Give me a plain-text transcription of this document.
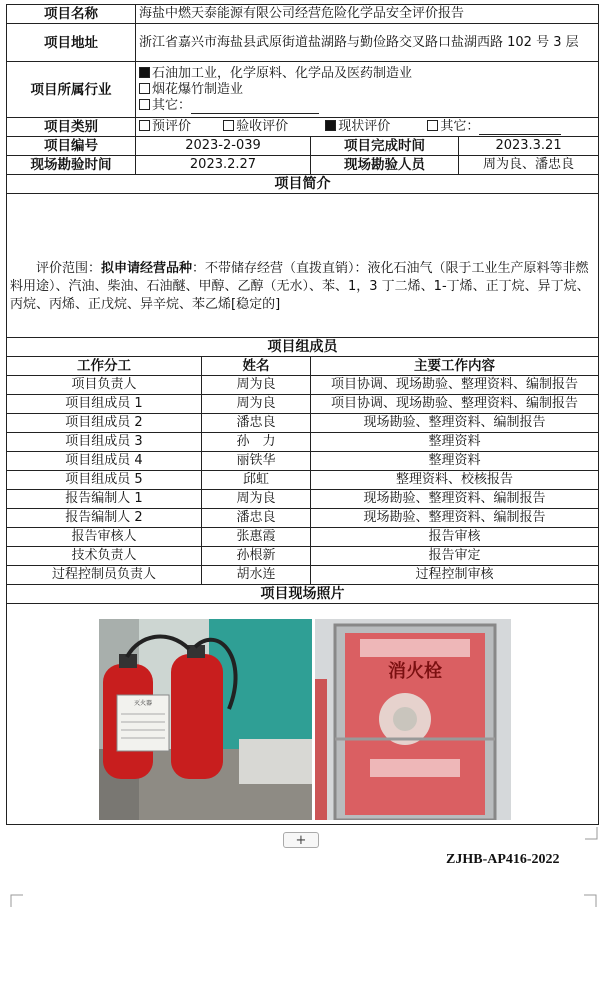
项目名称	海盐中燃天泰能源有限公司经营危险化学品安全评价报告			
项目地址	浙江省嘉兴市海盐县武原街道盐湖路与勤俭路交叉路口盐湖西路 102 号 3 层			
项目所属行业	石油加工业，化学原料、化学品及医药制造业
烟花爆竹制造业
其它：			

项目类别	预评价 验收评价 现状评价 其它：			
项目编号	2023-2-039		项目完成时间	2023.3.21
现场勘验时间	2023.2.27		现场勘验人员	周为良、潘忠良
项目简介				

评价范围：拟申请经营品种：不带储存经营（直拨直销）：液化石油气（限于工业生产原料等非燃料用途）、汽油、柴油、石油醚、甲醇、乙醇（无水）、苯、1，3 丁二烯、1-丁烯、正丁烷、异丁烷、丙烷、丙烯、正戊烷、异辛烷、苯乙烯[稳定的]				

项目组成员				
工作分工		姓名	主要工作内容	
项目负责人		周为良	项目协调、现场勘验、整理资料、编制报告	
项目组成员 1		周为良	项目协调、现场勘验、整理资料、编制报告	
项目组成员 2		潘忠良	现场勘验、整理资料、编制报告	
项目组成员 3		孙　力	整理资料	
项目组成员 4		丽铁华	整理资料	
项目组成员 5		邱虹	整理资料、校核报告	
报告编制人 1		周为良	现场勘验、整理资料、编制报告	
报告编制人 2		潘忠良	现场勘验、整理资料、编制报告	
报告审核人		张惠霞	报告审核	
技术负责人		孙根新	报告审定	
过程控制员负责人		胡水连	过程控制审核	
项目现场照片				

灭火器
消火栓				
+
ZJHB-AP416-2022
